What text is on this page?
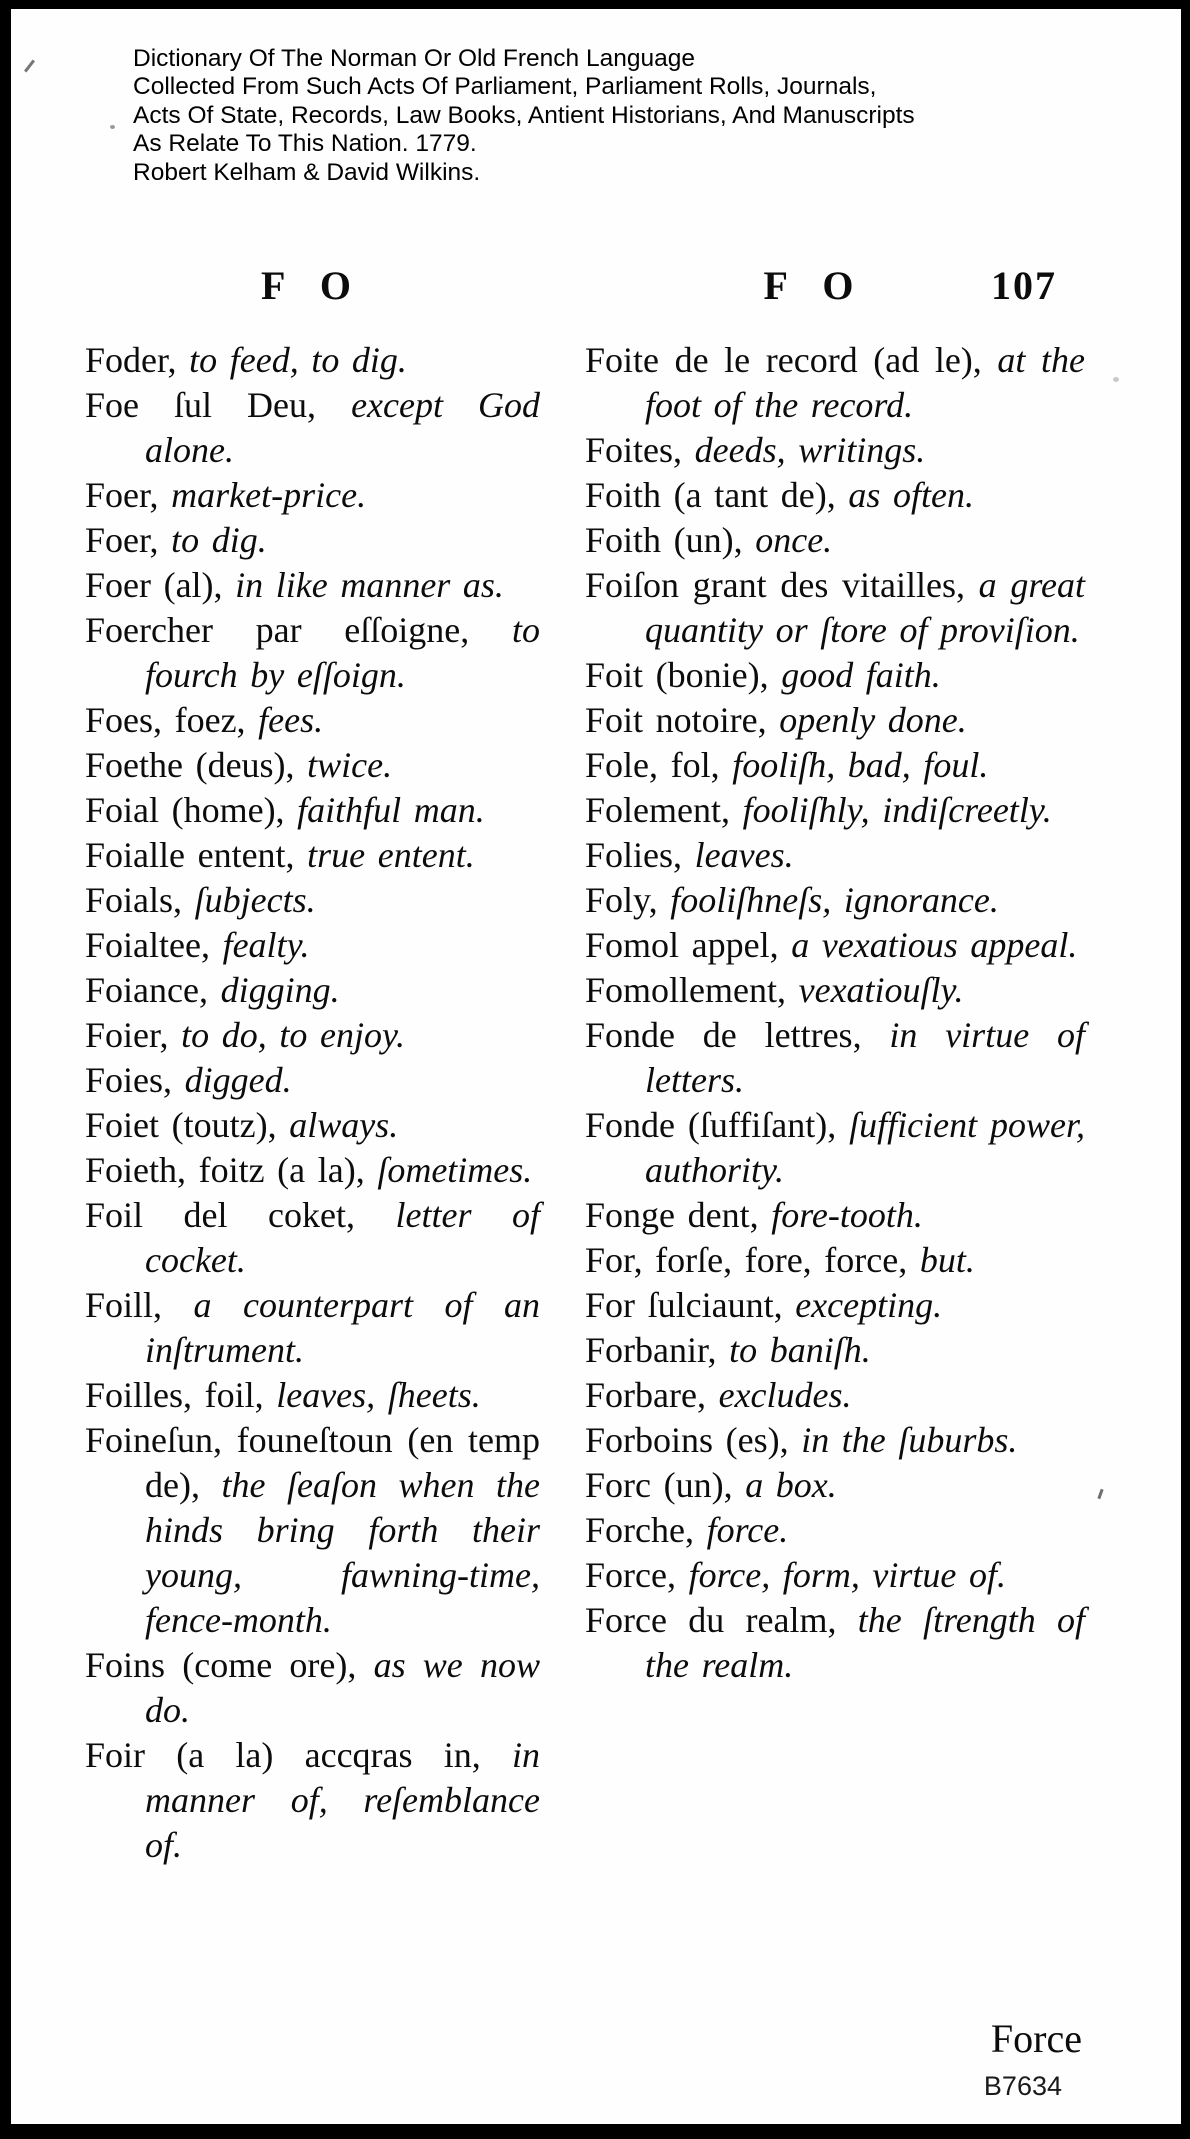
Dictionary Of The Norman Or Old French Language
Collected From Such Acts Of Parliament, Parliament Rolls, Journals,
Acts Of State, Records, Law Books, Antient Historians, And Manuscripts
As Relate To This Nation. 1779.
Robert Kelham & David Wilkins.
F O

Foder, to feed, to dig.

Foe ſul Deu, except God alone.

Foer, market-price.

Foer, to dig.

Foer (al), in like manner as.

Foercher par eſſoigne, to fourch by eſſoign.

Foes, foez, fees.

Foethe (deus), twice.

Foial (home), faithful man.

Foialle entent, true entent.

Foials, ſubjects.

Foialtee, fealty.

Foiance, digging.

Foier, to do, to enjoy.

Foies, digged.

Foiet (toutz), always.

Foieth, foitz (a la), ſometimes.

Foil del coket, letter of cocket.

Foill, a counterpart of an inſtrument.

Foilles, foil, leaves, ſheets.

Foineſun, founeſtoun (en temp de), the ſeaſon when the hinds bring forth their young, fawning-time, fence-month.

Foins (come ore), as we now do.

Foir (a la) accqras in, in manner of, reſemblance of.

F O	107

Foite de le record (ad le), at the foot of the record.

Foites, deeds, writings.

Foith (a tant de), as often.

Foith (un), once.

Foiſon grant des vitailles, a great quantity or ſtore of proviſion.

Foit (bonie), good faith.

Foit notoire, openly done.

Fole, fol, fooliſh, bad, foul.

Folement, fooliſhly, indiſcreetly.

Folies, leaves.

Foly, fooliſhneſs, ignorance.

Fomol appel, a vexatious appeal.

Fomollement, vexatiouſly.

Fonde de lettres, in virtue of letters.

Fonde (ſuffiſant), ſufficient power, authority.

Fonge dent, fore-tooth.

For, forſe, fore, force, but.

For ſulciaunt, excepting.

Forbanir, to baniſh.

Forbare, excludes.

Forboins (es), in the ſuburbs.

Forc (un), a box.

Forche, force.

Force, force, form, virtue of.

Force du realm, the ſtrength of the realm.

Force
B7634
